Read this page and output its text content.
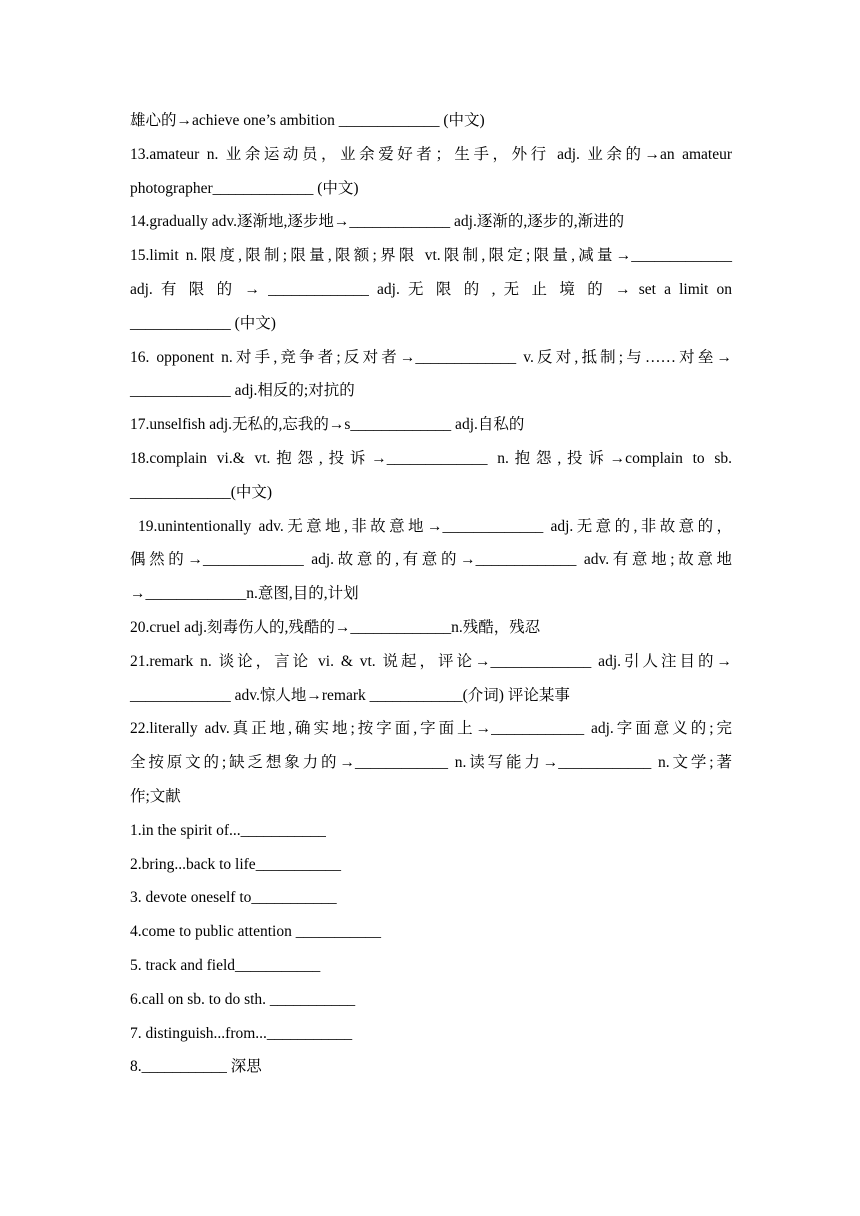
雄心的→achieve one’s ambition _____________ (中文)
13.amateur n. 业余运动员，业余爱好者；生手，外行 adj. 业余的→an amateur
photographer_____________ (中文)
14.gradually adv.逐渐地,逐步地→_____________ adj.逐渐的,逐步的,渐进的
15.limit n.限度,限制;限量,限额;界限 vt.限制,限定;限量,减量→_____________
adj. 有 限 的 → _____________ adj. 无 限 的 , 无 止 境 的 → set a limit on
_____________ (中文)
16. opponent n.对手,竞争者;反对者→_____________ v.反对,抵制;与……对垒→
_____________ adj.相反的;对抗的
17.unselfish adj.无私的,忘我的→s_____________ adj.自私的
18.complain vi.& vt.抱怨,投诉→_____________ n.抱怨,投诉→complain to sb.
_____________(中文)
19.unintentionally adv.无意地,非故意地→_____________ adj.无意的,非故意的，
偶然的→_____________ adj.故意的,有意的→_____________ adv.有意地;故意地
→_____________n.意图,目的,计划
20.cruel adj.刻毒伤人的,残酷的→_____________n.残酷，残忍
21.remark n. 谈论，言论 vi. & vt. 说起，评论→_____________ adj.引人注目的→
_____________ adv.惊人地→remark ____________(介词) 评论某事
22.literally adv.真正地,确实地;按字面,字面上→____________ adj.字面意义的;完
全按原文的;缺乏想象力的→____________ n.读写能力→____________ n.文学;著
作;文献
1.in the spirit of...___________
2.bring...back to life___________
3. devote oneself to___________
4.come to public attention ___________
5. track and field___________
6.call on sb. to do sth. ___________
7. distinguish...from...___________
8.___________ 深思
